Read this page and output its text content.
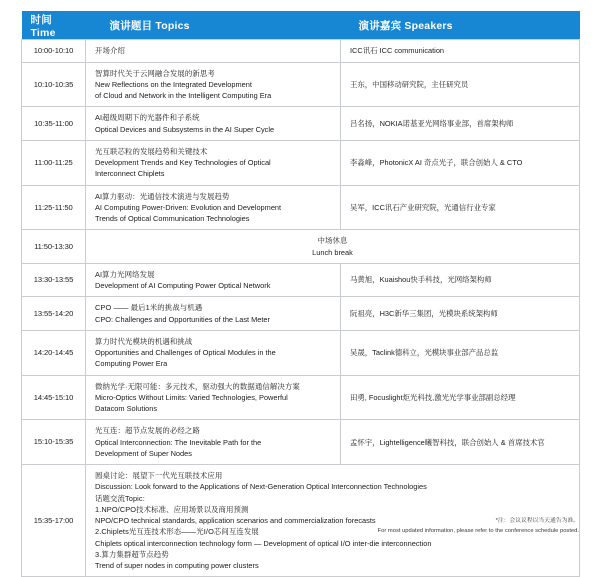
时间 Time	演讲题目 Topics	演讲嘉宾 Speakers
10:00-10:10	开场介绍	ICC讯石 ICC communication
10:10-10:35	智算时代关于云网融合发展的新思考
New Reflections on the Integrated Development
of Cloud and Network in the Intelligent Computing Era	王东，中国移动研究院，主任研究员
10:35-11:00	AI超级周期下的光器件和子系统
Optical Devices and Subsystems in the AI Super Cycle	吕名扬，NOKIA诺基亚光网络事业部，首席架构师
11:00-11:25	光互联芯粒的发展趋势和关键技术
Development Trends and Key Technologies of Optical
Interconnect Chiplets	李淼峰，PhotonicX AI 奇点光子，联合创始人 & CTO
11:25-11:50	AI算力驱动：光通信技术演进与发展趋势
AI Computing Power-Driven: Evolution and Development
Trends of Optical Communication Technologies	吴军，ICC讯石产业研究院，光通信行业专家
11:50-13:30	中场休息
Lunch break	

13:30-13:55	AI算力光网络发展
Development of AI Computing Power Optical Network	马黄旭，Kuaishou快手科技，光网络架构师
13:55-14:20	CPO —— 最后1米的挑战与机遇
CPO: Challenges and Opportunities of the Last Meter	阮祖亮，H3C新华三集团，光模块系统架构师
14:20-14:45	算力时代光模块的机遇和挑战
Opportunities and Challenges of Optical Modules in the
Computing Power Era	吴晟，Taclink德科立，光模块事业部产品总监
14:45-15:10	微纳光学·无限可能：多元技术，驱动强大的数据通信解决方案
Micro-Optics Without Limits: Varied Technologies, Powerful
Datacom Solutions	田勇, Focuslight炬光科技,激光光学事业部副总经理
15:10-15:35	光互连：超节点发展的必经之路
Optical Interconnection: The Inevitable Path for the
Development of Super Nodes	孟怀宇，Lightelligence曦智科技，联合创始人 & 首席技术官
15:35-17:00	
圆桌讨论：展望下一代光互联技术应用
Discussion: Look forward to the Applications of Next-Generation Optical Interconnection Technologies
话题交流Topic:
1.NPO/CPO技术标准、应用场景以及商用预测
NPO/CPO technical standards, application scenarios and commercialization forecasts
2.Chiplets光互连技术形态——光I/O芯间互连发展
Chiplets optical interconnection technology form — Development of optical I/O inter-die interconnection
3.算力集群超节点趋势
Trend of super nodes in computing power clusters
*注：会议议程以当天通告为准。
For most updated information, please refer to the conference schedule posted.
